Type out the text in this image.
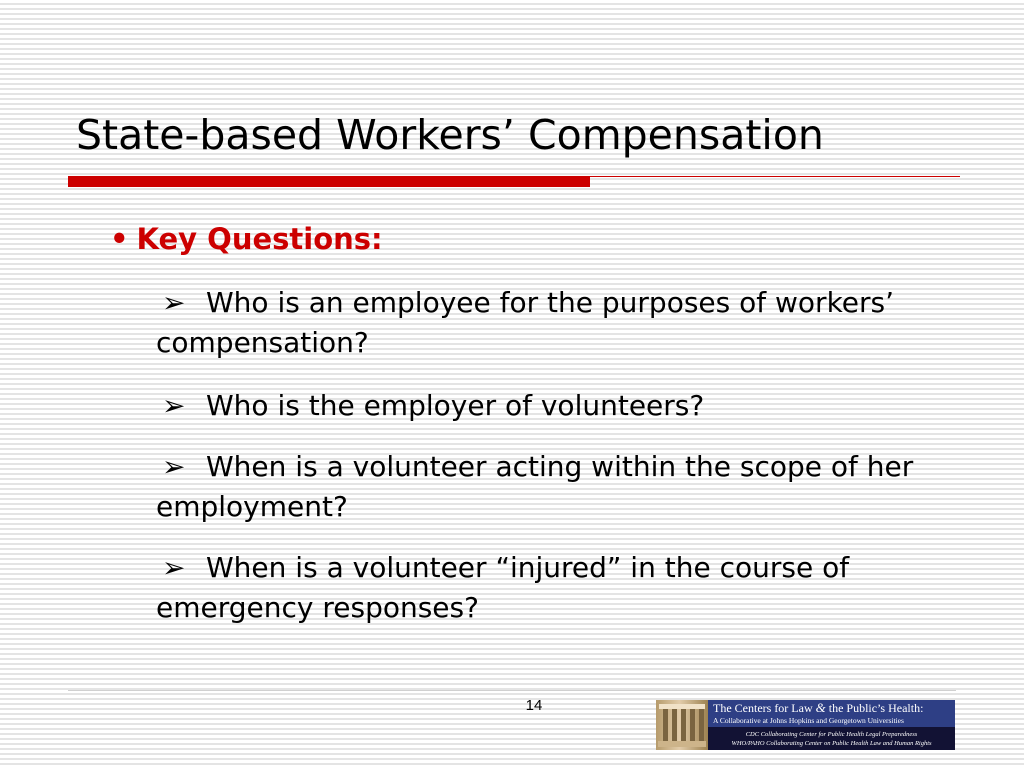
State-based Workers’ Compensation
• Key Questions:
➢ Who is an employee for the purposes of workers’ compensation?
➢ Who is the employer of volunteers?
➢ When is a volunteer acting within the scope of her employment?
➢ When is a volunteer “injured” in the course of emergency responses?
14	The Centers for Law & the Public’s Health:
A Collaborative at Johns Hopkins and Georgetown Universities
CDC Collaborating Center for Public Health Legal Preparedness
WHO/PAHO Collaborating Center on Public Health Law and Human Rights
